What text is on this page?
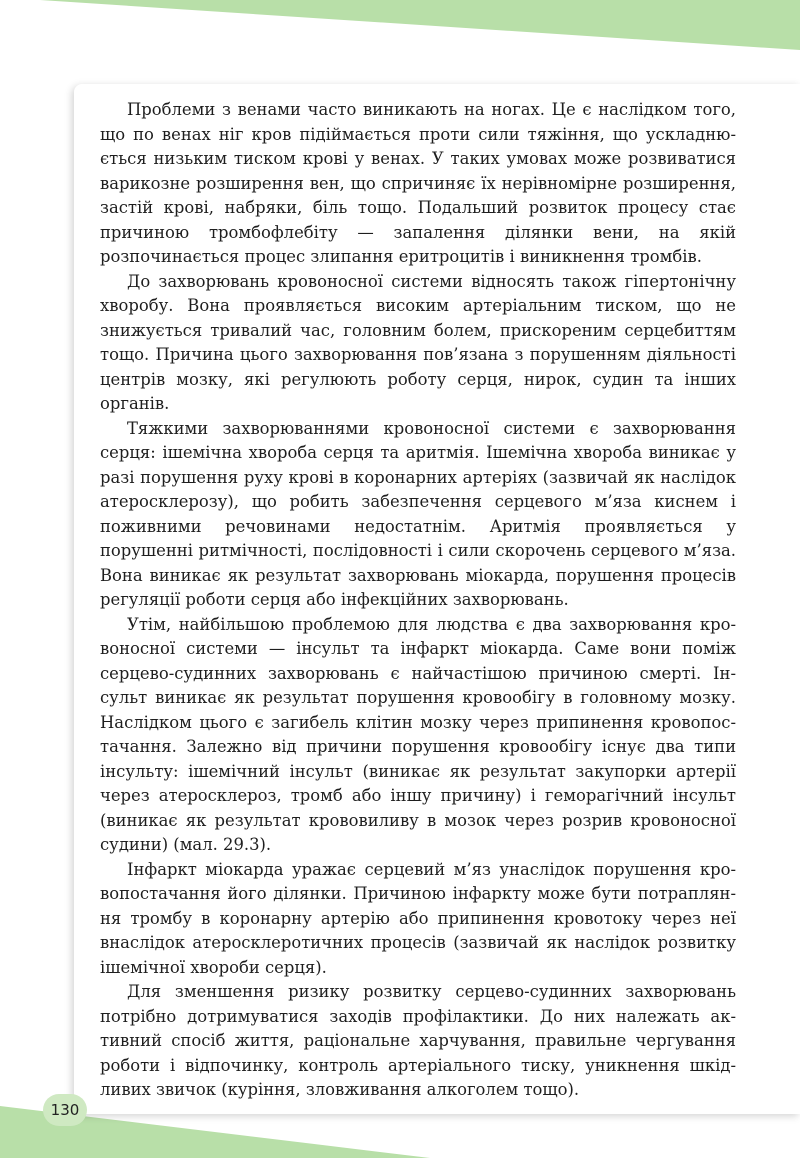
Проблеми з венами часто виникають на ногах. Це є наслідком того, що по венах ніг кров підіймається проти сили тяжіння, що ускладнюється низьким тиском крові у венах. У таких умовах може розвиватися варикозне розширення вен, що спричиняє їх нерівномірне розширення, застій крові, набряки, біль тощо. Подальший розвиток процесу стає причиною тромбофлебіту — запалення ділянки вени, на якій розпочинається процес злипання еритроцитів і виникнення тромбів.

До захворювань кровоносної системи відносять також гіпертонічну хворобу. Вона проявляється високим артеріальним тиском, що не знижується тривалий час, головним болем, прискореним серцебиттям тощо. Причина цього захворювання пов’язана з порушенням діяльності центрів мозку, які регулюють роботу серця, нирок, судин та інших органів.

Тяжкими захворюваннями кровоносної системи є захворювання серця: ішемічна хвороба серця та аритмія. Ішемічна хвороба виникає у разі порушення руху крові в коронарних артеріях (зазвичай як наслідок атеросклерозу), що робить забезпечення серцевого м’яза киснем і поживними речовинами недостатнім. Аритмія проявляється у порушенні ритмічності, послідовності і сили скорочень серцевого м’яза. Вона виникає як результат захворювань міокарда, порушення процесів регуляції роботи серця або інфекційних захворювань.

Утім, найбільшою проблемою для людства є два захворювання кровоносної системи — інсульт та інфаркт міокарда. Саме вони поміж серцево-судинних захворювань є найчастішою причиною смерті. Інсульт виникає як результат порушення кровообігу в головному мозку. Наслідком цього є загибель клітин мозку через припинення кровопостачання. Залежно від причини порушення кровообігу існує два типи інсульту: ішемічний інсульт (виникає як результат закупорки артерії через атеросклероз, тромб або іншу причину) і геморагічний інсульт (виникає як результат крововиливу в мозок через розрив кровоносної судини) (мал. 29.3).

Інфаркт міокарда уражає серцевий м’яз унаслідок порушення кровопостачання його ділянки. Причиною інфаркту може бути потрапляння тромбу в коронарну артерію або припинення кровотоку через неї внаслідок атеросклеротичних процесів (зазвичай як наслідок розвитку ішемічної хвороби серця).

Для зменшення ризику розвитку серцево-судинних захворювань потрібно дотримуватися заходів профілактики. До них належать активний спосіб життя, раціональне харчування, правильне чергування роботи і відпочинку, контроль артеріального тиску, уникнення шкідливих звичок (куріння, зловживання алкоголем тощо).

130
